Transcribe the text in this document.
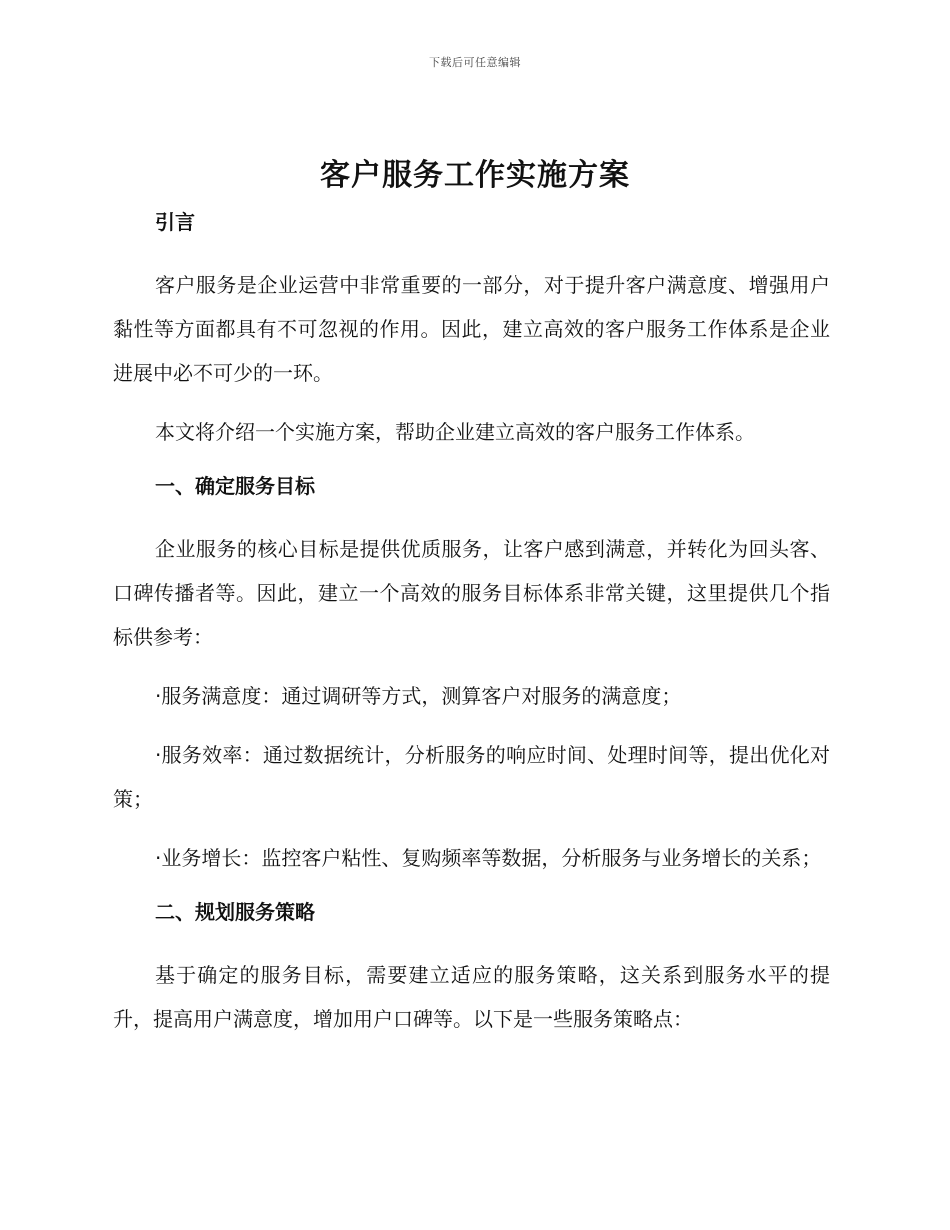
下载后可任意编辑
客户服务工作实施方案
引言

客户服务是企业运营中非常重要的一部分，对于提升客户满意度、增强用户黏性等方面都具有不可忽视的作用。因此，建立高效的客户服务工作体系是企业进展中必不可少的一环。

本文将介绍一个实施方案，帮助企业建立高效的客户服务工作体系。

一、确定服务目标

企业服务的核心目标是提供优质服务，让客户感到满意，并转化为回头客、口碑传播者等。因此，建立一个高效的服务目标体系非常关键，这里提供几个指标供参考：

·服务满意度：通过调研等方式，测算客户对服务的满意度；

·服务效率：通过数据统计，分析服务的响应时间、处理时间等，提出优化对策；

·业务增长：监控客户粘性、复购频率等数据，分析服务与业务增长的关系；

二、规划服务策略

基于确定的服务目标，需要建立适应的服务策略，这关系到服务水平的提升，提高用户满意度，增加用户口碑等。以下是一些服务策略点：
